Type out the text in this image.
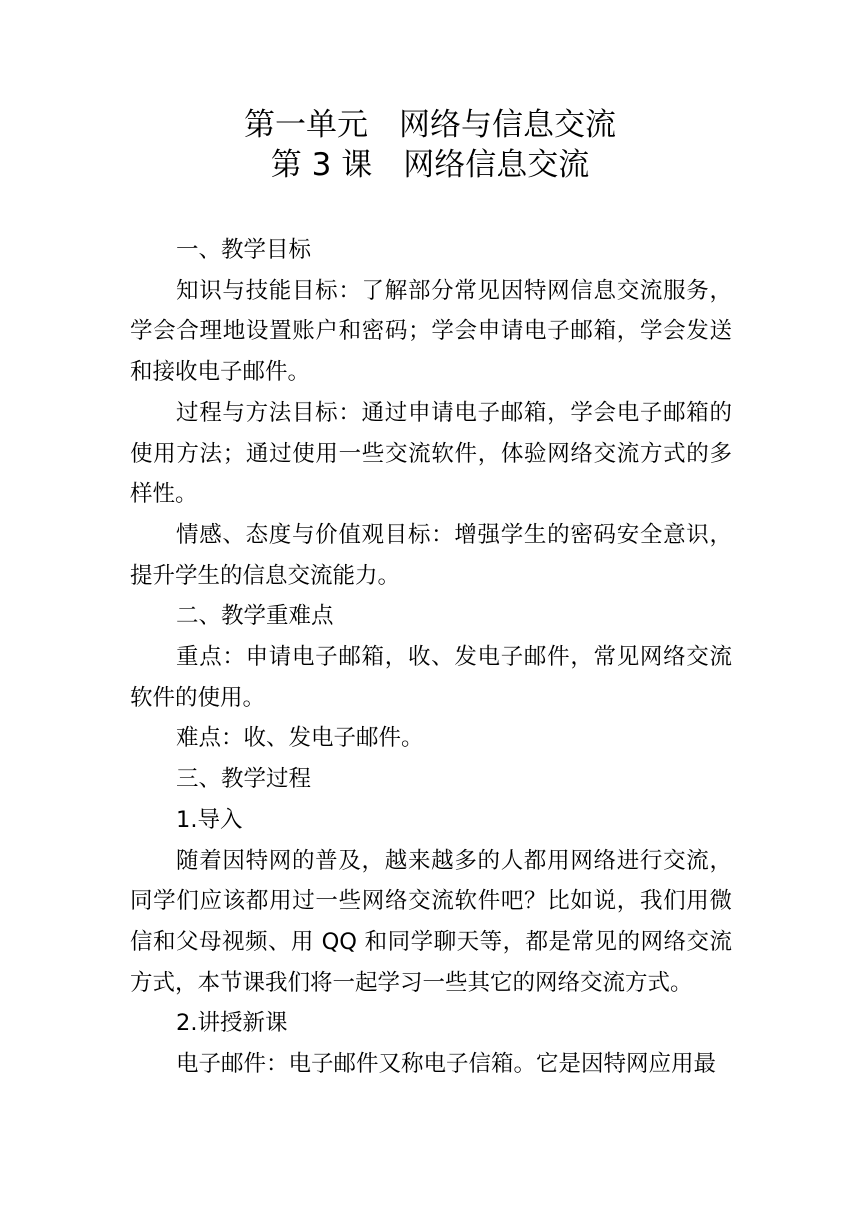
第一单元　网络与信息交流
第 3 课　网络信息交流

一、教学目标

知识与技能目标：了解部分常见因特网信息交流服务，学会合理地设置账户和密码；学会申请电子邮箱，学会发送和接收电子邮件。

过程与方法目标：通过申请电子邮箱，学会电子邮箱的使用方法；通过使用一些交流软件，体验网络交流方式的多样性。

情感、态度与价值观目标：增强学生的密码安全意识，提升学生的信息交流能力。

二、教学重难点

重点：申请电子邮箱，收、发电子邮件，常见网络交流软件的使用。

难点：收、发电子邮件。

三、教学过程

1.导入

随着因特网的普及，越来越多的人都用网络进行交流，同学们应该都用过一些网络交流软件吧？比如说，我们用微信和父母视频、用 QQ 和同学聊天等，都是常见的网络交流方式，本节课我们将一起学习一些其它的网络交流方式。

2.讲授新课

电子邮件：电子邮件又称电子信箱。它是因特网应用最
